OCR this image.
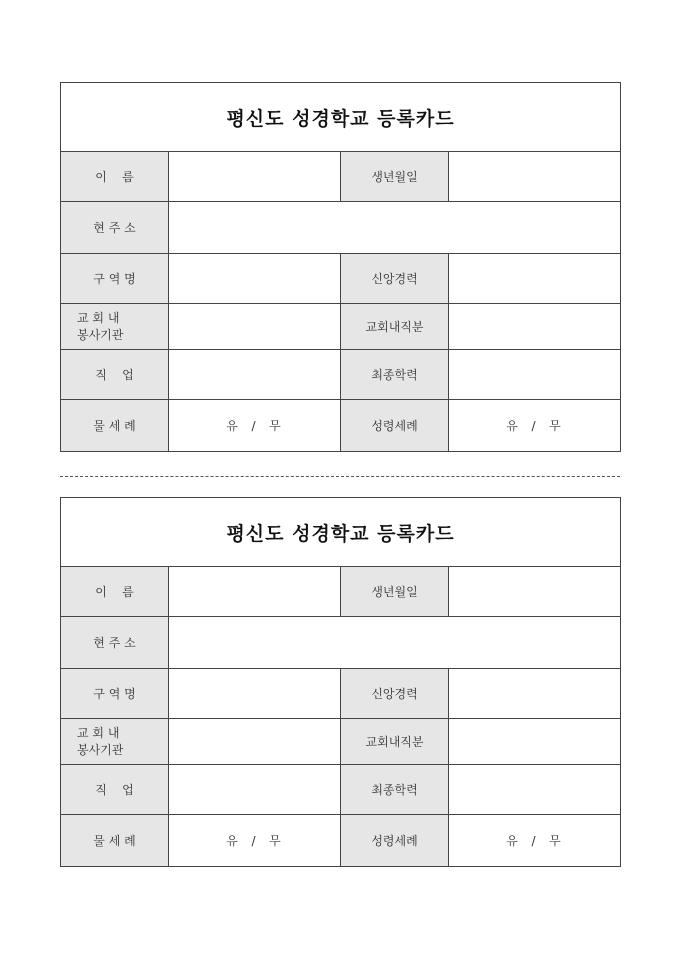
평신도 성경학교 등록카드			
이    름		생년월일	
현 주 소			
구 역 명		신앙경력	

교 회 내
봉사기관		교회내직분	
직    업		최종학력	
물 세 례	유  /  무	성령세례	유  /  무
평신도 성경학교 등록카드			
이    름		생년월일	
현 주 소			
구 역 명		신앙경력	

교 회 내
봉사기관		교회내직분	
직    업		최종학력	
물 세 례	유  /  무	성령세례	유  /  무
